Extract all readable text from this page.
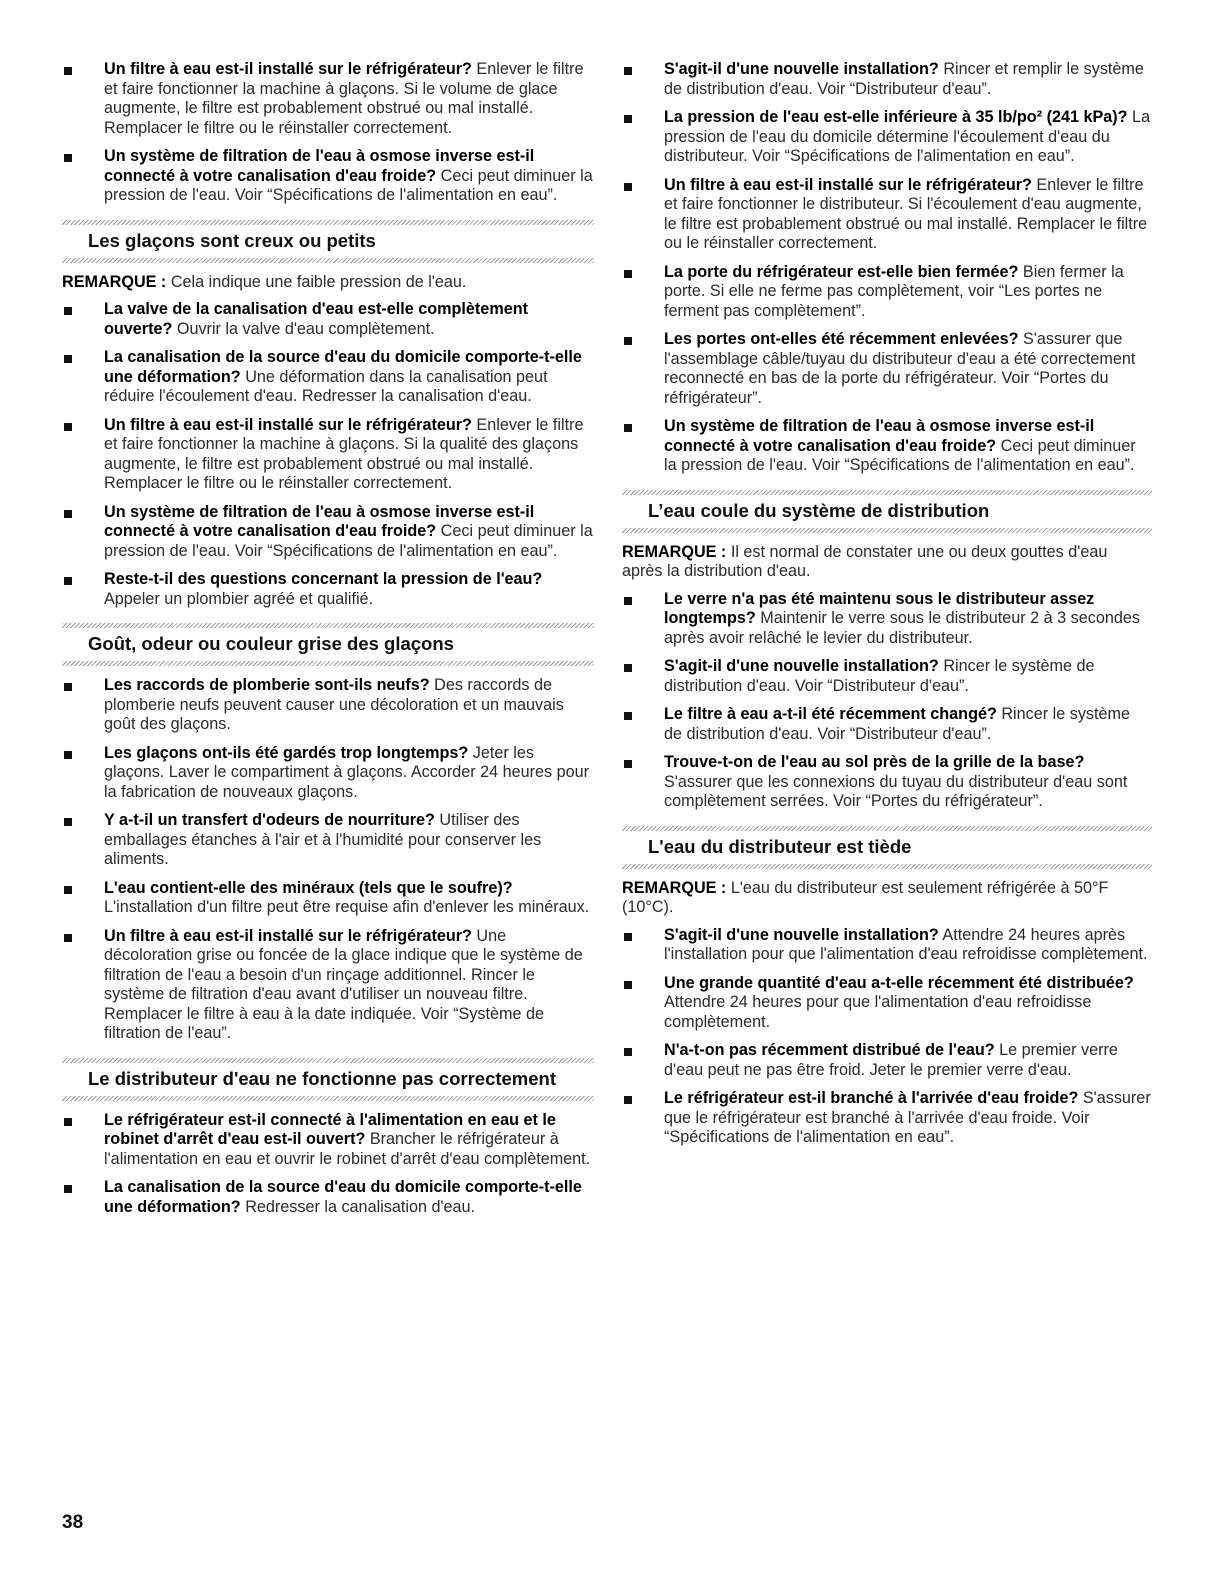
Un filtre à eau est-il installé sur le réfrigérateur? Enlever le filtre et faire fonctionner la machine à glaçons. Si le volume de glace augmente, le filtre est probablement obstrué ou mal installé. Remplacer le filtre ou le réinstaller correctement.
Un système de filtration de l'eau à osmose inverse est-il connecté à votre canalisation d'eau froide? Ceci peut diminuer la pression de l'eau. Voir “Spécifications de l'alimentation en eau”.
Les glaçons sont creux ou petits
REMARQUE : Cela indique une faible pression de l'eau.
La valve de la canalisation d'eau est-elle complètement ouverte? Ouvrir la valve d'eau complètement.
La canalisation de la source d'eau du domicile comporte-t-elle une déformation? Une déformation dans la canalisation peut réduire l'écoulement d'eau. Redresser la canalisation d'eau.
Un filtre à eau est-il installé sur le réfrigérateur? Enlever le filtre et faire fonctionner la machine à glaçons. Si la qualité des glaçons augmente, le filtre est probablement obstrué ou mal installé. Remplacer le filtre ou le réinstaller correctement.
Un système de filtration de l'eau à osmose inverse est-il connecté à votre canalisation d'eau froide? Ceci peut diminuer la pression de l'eau. Voir “Spécifications de l'alimentation en eau”.
Reste-t-il des questions concernant la pression de l'eau? Appeler un plombier agréé et qualifié.
Goût, odeur ou couleur grise des glaçons
Les raccords de plomberie sont-ils neufs? Des raccords de plomberie neufs peuvent causer une décoloration et un mauvais goût des glaçons.
Les glaçons ont-ils été gardés trop longtemps? Jeter les glaçons. Laver le compartiment à glaçons. Accorder 24 heures pour la fabrication de nouveaux glaçons.
Y a-t-il un transfert d'odeurs de nourriture? Utiliser des emballages étanches à l'air et à l'humidité pour conserver les aliments.
L'eau contient-elle des minéraux (tels que le soufre)? L'installation d'un filtre peut être requise afin d'enlever les minéraux.
Un filtre à eau est-il installé sur le réfrigérateur? Une décoloration grise ou foncée de la glace indique que le système de filtration de l'eau a besoin d'un rinçage additionnel. Rincer le système de filtration d'eau avant d'utiliser un nouveau filtre. Remplacer le filtre à eau à la date indiquée. Voir “Système de filtration de l'eau”.
Le distributeur d'eau ne fonctionne pas correctement
Le réfrigérateur est-il connecté à l'alimentation en eau et le robinet d'arrêt d'eau est-il ouvert? Brancher le réfrigérateur à l'alimentation en eau et ouvrir le robinet d'arrêt d'eau complètement.
La canalisation de la source d'eau du domicile comporte-t-elle une déformation? Redresser la canalisation d'eau.
S'agit-il d'une nouvelle installation? Rincer et remplir le système de distribution d'eau. Voir “Distributeur d'eau”.
La pression de l'eau est-elle inférieure à 35 lb/po² (241 kPa)? La pression de l'eau du domicile détermine l'écoulement d'eau du distributeur. Voir “Spécifications de l'alimentation en eau”.
Un filtre à eau est-il installé sur le réfrigérateur? Enlever le filtre et faire fonctionner le distributeur. Si l'écoulement d'eau augmente, le filtre est probablement obstrué ou mal installé. Remplacer le filtre ou le réinstaller correctement.
La porte du réfrigérateur est-elle bien fermée? Bien fermer la porte. Si elle ne ferme pas complètement, voir “Les portes ne ferment pas complètement”.
Les portes ont-elles été récemment enlevées? S'assurer que l'assemblage câble/tuyau du distributeur d'eau a été correctement reconnecté en bas de la porte du réfrigérateur. Voir “Portes du réfrigérateur”.
Un système de filtration de l'eau à osmose inverse est-il connecté à votre canalisation d'eau froide? Ceci peut diminuer la pression de l'eau. Voir “Spécifications de l'alimentation en eau”.
L’eau coule du système de distribution
REMARQUE : Il est normal de constater une ou deux gouttes d'eau après la distribution d'eau.
Le verre n'a pas été maintenu sous le distributeur assez longtemps? Maintenir le verre sous le distributeur 2 à 3 secondes après avoir relâché le levier du distributeur.
S'agit-il d'une nouvelle installation? Rincer le système de distribution d'eau. Voir “Distributeur d'eau”.
Le filtre à eau a-t-il été récemment changé? Rincer le système de distribution d'eau. Voir “Distributeur d'eau”.
Trouve-t-on de l'eau au sol près de la grille de la base? S'assurer que les connexions du tuyau du distributeur d'eau sont complètement serrées. Voir “Portes du réfrigérateur”.
L'eau du distributeur est tiède
REMARQUE : L'eau du distributeur est seulement réfrigérée à 50°F (10°C).
S'agit-il d'une nouvelle installation? Attendre 24 heures après l'installation pour que l'alimentation d'eau refroidisse complètement.
Une grande quantité d'eau a-t-elle récemment été distribuée? Attendre 24 heures pour que l'alimentation d'eau refroidisse complètement.
N'a-t-on pas récemment distribué de l'eau? Le premier verre d'eau peut ne pas être froid. Jeter le premier verre d'eau.
Le réfrigérateur est-il branché à l'arrivée d'eau froide? S'assurer que le réfrigérateur est branché à l'arrivée d'eau froide. Voir “Spécifications de l'alimentation en eau”.
38
